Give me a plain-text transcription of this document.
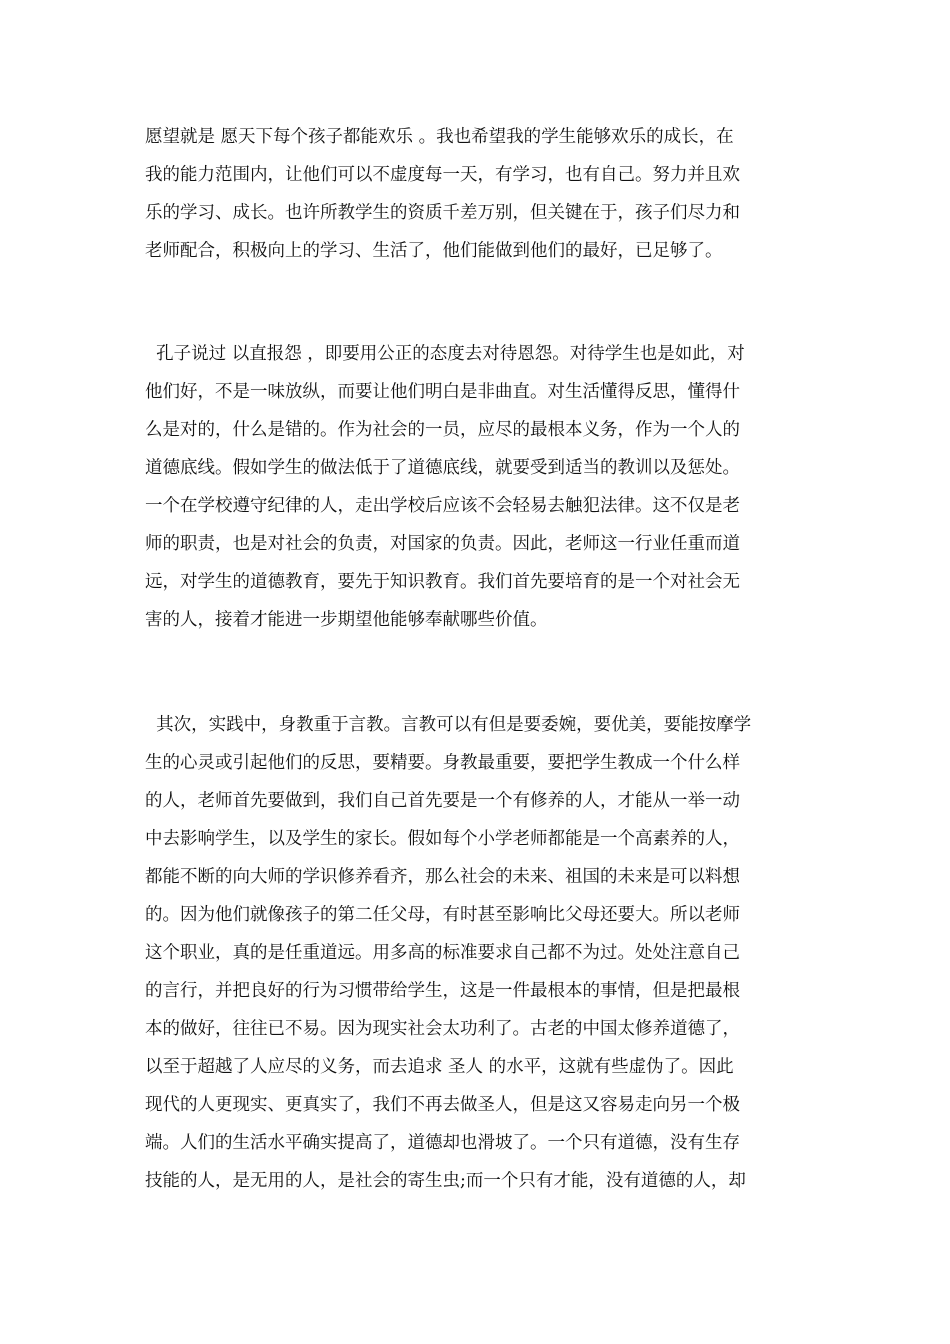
愿望就是 愿天下每个孩子都能欢乐 。我也希望我的学生能够欢乐的成长，在
我的能力范围内，让他们可以不虚度每一天，有学习，也有自己。努力并且欢
乐的学习、成长。也许所教学生的资质千差万别，但关键在于，孩子们尽力和
老师配合，积极向上的学习、生活了，他们能做到他们的最好，已足够了。
孔子说过 以直报怨 ，即要用公正的态度去对待恩怨。对待学生也是如此，对
他们好，不是一味放纵，而要让他们明白是非曲直。对生活懂得反思，懂得什
么是对的，什么是错的。作为社会的一员，应尽的最根本义务，作为一个人的
道德底线。假如学生的做法低于了道德底线，就要受到适当的教训以及惩处。
一个在学校遵守纪律的人，走出学校后应该不会轻易去触犯法律。这不仅是老
师的职责，也是对社会的负责，对国家的负责。因此，老师这一行业任重而道
远，对学生的道德教育，要先于知识教育。我们首先要培育的是一个对社会无
害的人，接着才能进一步期望他能够奉献哪些价值。
其次，实践中，身教重于言教。言教可以有但是要委婉，要优美，要能按摩学
生的心灵或引起他们的反思，要精要。身教最重要，要把学生教成一个什么样
的人，老师首先要做到，我们自己首先要是一个有修养的人，才能从一举一动
中去影响学生，以及学生的家长。假如每个小学老师都能是一个高素养的人，
都能不断的向大师的学识修养看齐，那么社会的未来、祖国的未来是可以料想
的。因为他们就像孩子的第二任父母，有时甚至影响比父母还要大。所以老师
这个职业，真的是任重道远。用多高的标准要求自己都不为过。处处注意自己
的言行，并把良好的行为习惯带给学生，这是一件最根本的事情，但是把最根
本的做好，往往已不易。因为现实社会太功利了。古老的中国太修养道德了，
以至于超越了人应尽的义务，而去追求 圣人 的水平，这就有些虚伪了。因此
现代的人更现实、更真实了，我们不再去做圣人，但是这又容易走向另一个极
端。人们的生活水平确实提高了，道德却也滑坡了。一个只有道德，没有生存
技能的人，是无用的人，是社会的寄生虫;而一个只有才能，没有道德的人，却
